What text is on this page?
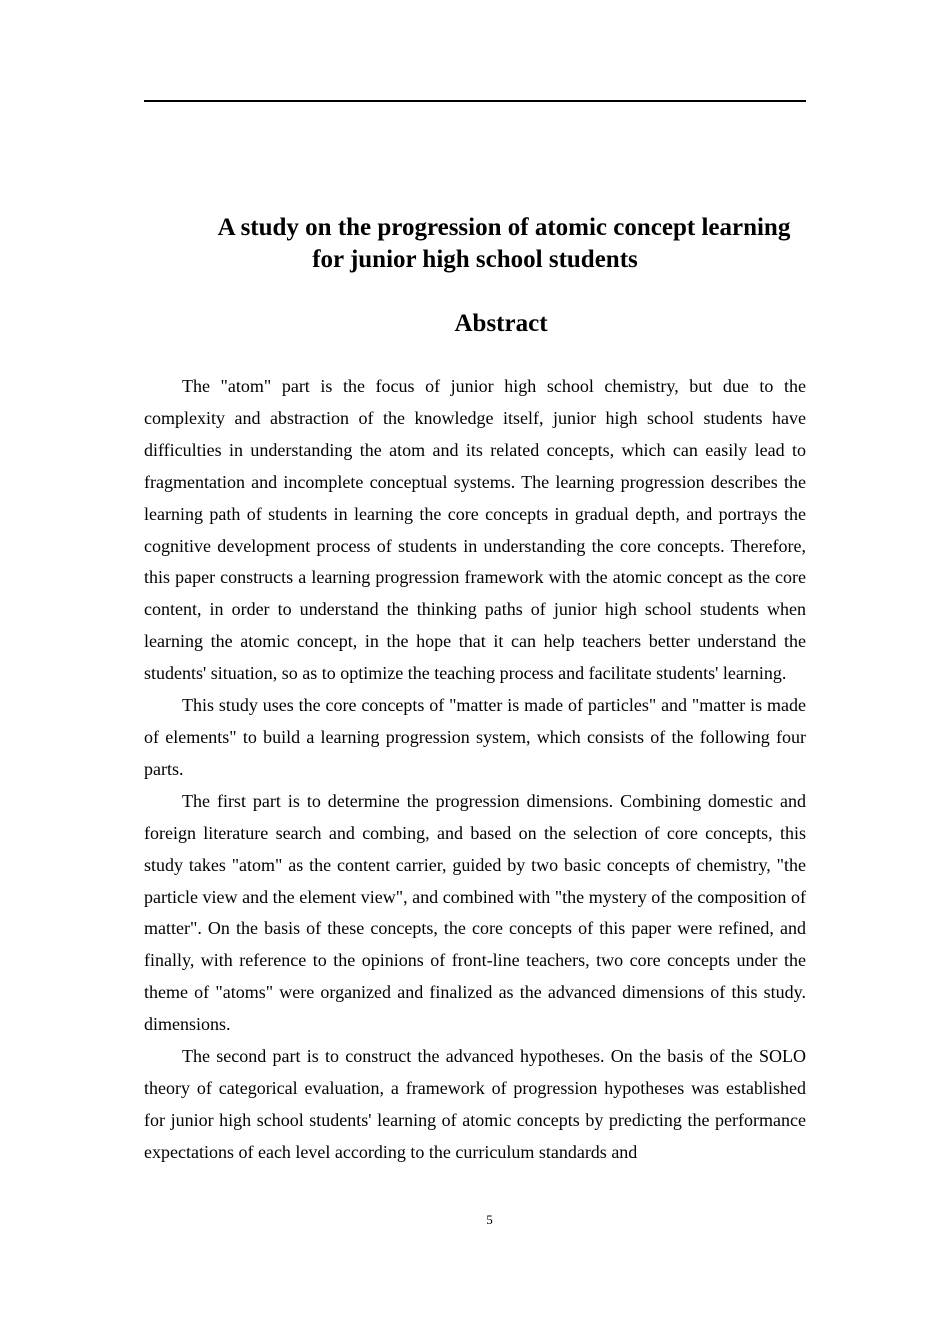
A study on the progression of atomic concept learning
for junior high school students
Abstract

The "atom" part is the focus of junior high school chemistry, but due to the complexity and abstraction of the knowledge itself, junior high school students have difficulties in understanding the atom and its related concepts, which can easily lead to fragmentation and incomplete conceptual systems. The learning progression describes the learning path of students in learning the core concepts in gradual depth, and portrays the cognitive development process of students in understanding the core concepts. Therefore, this paper constructs a learning progression framework with the atomic concept as the core content, in order to understand the thinking paths of junior high school students when learning the atomic concept, in the hope that it can help teachers better understand the students' situation, so as to optimize the teaching process and facilitate students' learning.

This study uses the core concepts of "matter is made of particles" and "matter is made of elements" to build a learning progression system, which consists of the following four parts.

The first part is to determine the progression dimensions. Combining domestic and foreign literature search and combing, and based on the selection of core concepts, this study takes "atom" as the content carrier, guided by two basic concepts of chemistry, "the particle view and the element view", and combined with "the mystery of the composition of matter". On the basis of these concepts, the core concepts of this paper were refined, and finally, with reference to the opinions of front-line teachers, two core concepts under the theme of "atoms" were organized and finalized as the advanced dimensions of this study. dimensions.

The second part is to construct the advanced hypotheses. On the basis of the SOLO theory of categorical evaluation, a framework of progression hypotheses was established for junior high school students' learning of atomic concepts by predicting the performance expectations of each level according to the curriculum standards and

5
